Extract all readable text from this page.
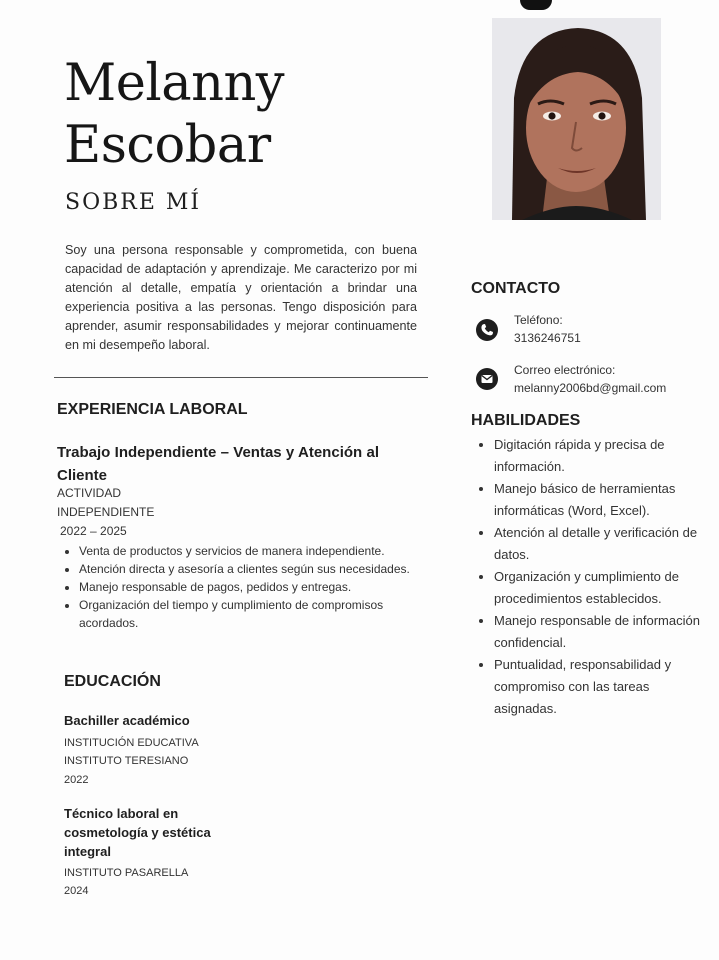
Melanny
Escobar
SOBRE MÍ
Soy una persona responsable y comprometida, con buena capacidad de adaptación y aprendizaje. Me caracterizo por mi atención al detalle, empatía y orientación a brindar una experiencia positiva a las personas. Tengo disposición para aprender, asumir responsabilidades y mejorar continuamente en mi desempeño laboral.
EXPERIENCIA LABORAL
Trabajo Independiente – Ventas y Atención al Cliente
ACTIVIDAD
INDEPENDIENTE
2022 – 2025
• Venta de productos y servicios de manera independiente.
• Atención directa y asesoría a clientes según sus necesidades.
• Manejo responsable de pagos, pedidos y entregas.
• Organización del tiempo y cumplimiento de compromisos acordados.
EDUCACIÓN
Bachiller académico
INSTITUCIÓN EDUCATIVA
INSTITUTO TERESIANO
2022
Técnico laboral en cosmetología y estética integral
INSTITUTO PASARELLA
2024
CONTACTO
Teléfono:
3136246751
Correo electrónico:
melanny2006bd@gmail.com
HABILIDADES
• Digitación rápida y precisa de información.
• Manejo básico de herramientas informáticas (Word, Excel).
• Atención al detalle y verificación de datos.
• Organización y cumplimiento de procedimientos establecidos.
• Manejo responsable de información confidencial.
• Puntualidad, responsabilidad y compromiso con las tareas asignadas.
